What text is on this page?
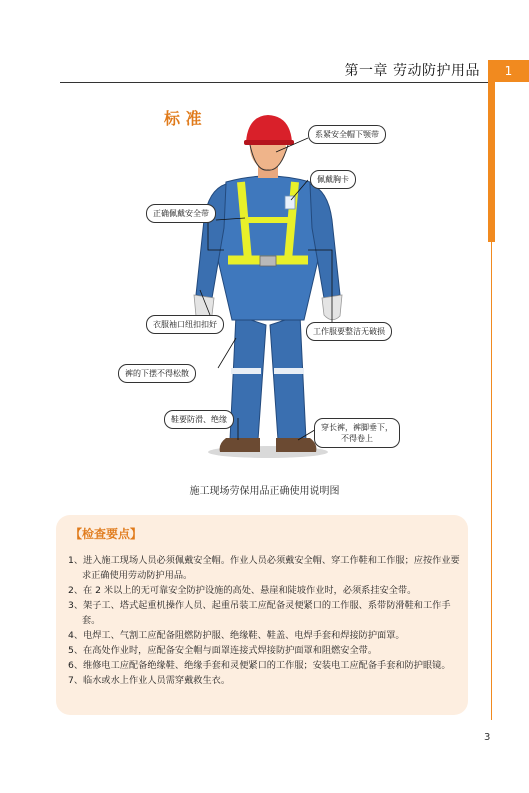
第一章 劳动防护用品	1
标 准
系紧安全帽下颚带
佩戴胸卡
正确佩戴安全带
衣服袖口纽扣扣好
工作服要整洁无破损
裤的下摆不得松散
鞋要防滑、绝缘
穿长裤，裤脚垂下，
不得卷上
施工现场劳保用品正确使用说明图
【检查要点】
1、进入施工现场人员必须佩戴安全帽。作业人员必须戴安全帽、穿工作鞋和工作服；应按作业要求正确使用劳动防护用品。
2、在 2 米以上的无可靠安全防护设施的高处、悬崖和陡坡作业时，必须系挂安全带。
3、架子工、塔式起重机操作人员、起重吊装工应配备灵便紧口的工作服、系带防滑鞋和工作手套。
4、电焊工、气割工应配备阻燃防护服、绝缘鞋、鞋盖、电焊手套和焊接防护面罩。
5、在高处作业时，应配备安全帽与面罩连接式焊接防护面罩和阻燃安全带。
6、维修电工应配备绝缘鞋、绝缘手套和灵便紧口的工作服；安装电工应配备手套和防护眼镜。
7、临水或水上作业人员需穿戴救生衣。
3
